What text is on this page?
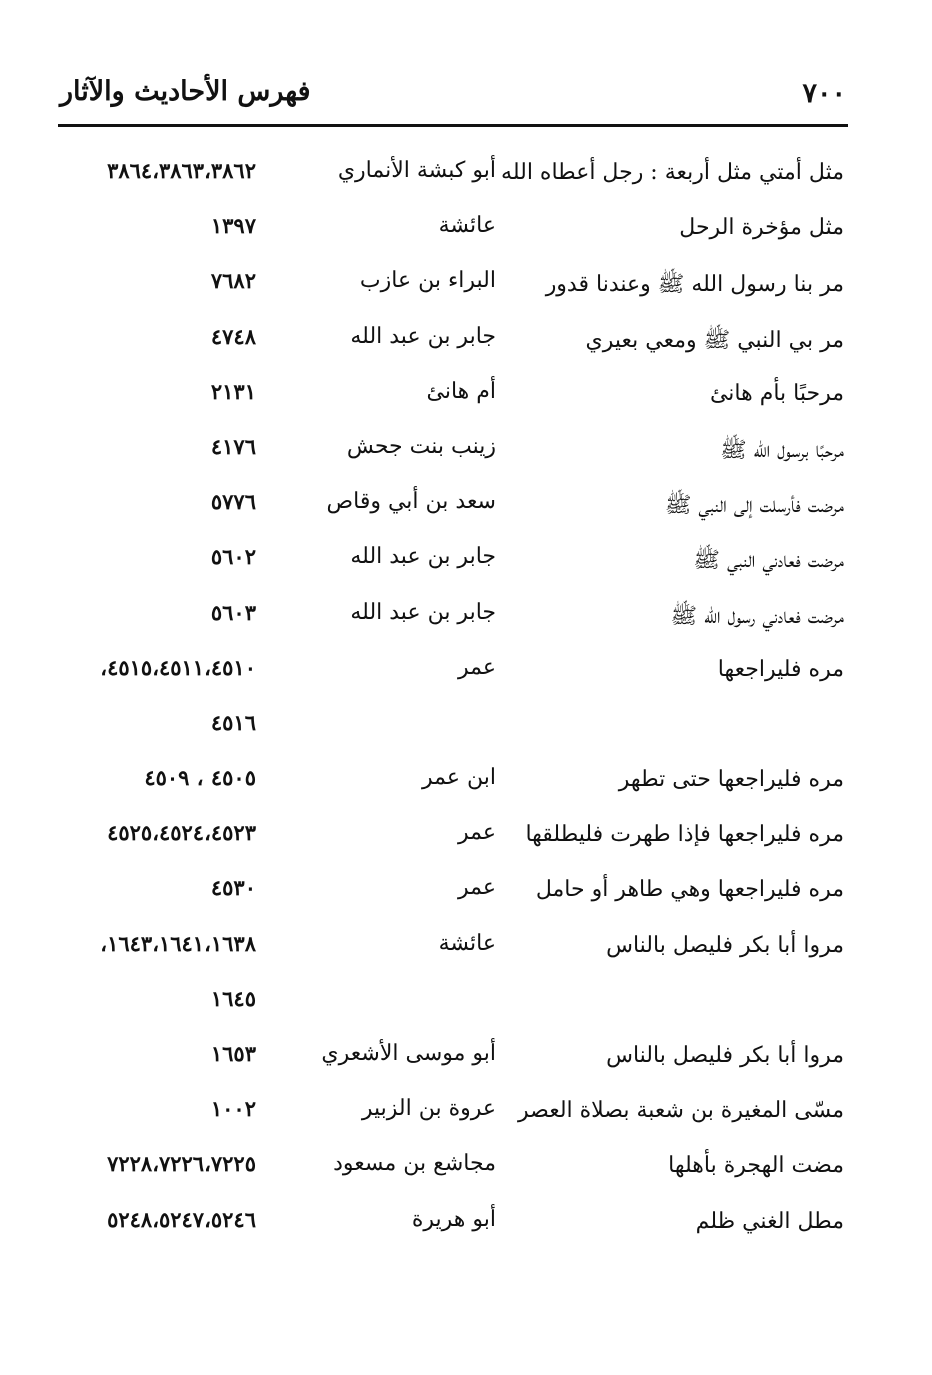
٧٠٠
فهرس الأحاديث والآثار
مثل أمتي مثل أربعة : رجل أعطاه الله
أبو كبشة الأنماري
٣٨٦٤،٣٨٦٣،٣٨٦٢
مثل مؤخرة الرحل
عائشة
١٣٩٧
مر بنا رسول الله ﷺ وعندنا قدور
البراء بن عازب
٧٦٨٢
مر بي النبي ﷺ ومعي بعيري
جابر بن عبد الله
٤٧٤٨
مرحبًا بأم هانئ
أم هانئ
٢١٣١
مرحبًا برسول الله ﷺ
زينب بنت جحش
٤١٧٦
مرضت فأرسلت إلى النبي ﷺ
سعد بن أبي وقاص
٥٧٧٦
مرضت فعادني النبي ﷺ
جابر بن عبد الله
٥٦٠٢
مرضت فعادني رسول الله ﷺ
جابر بن عبد الله
٥٦٠٣
مره فليراجعها
عمر
٤٥١٥،٤٥١١،٤٥١٠،
٤٥١٦
مره فليراجعها حتى تطهر
ابن عمر
٤٥٠٥ ، ٤٥٠٩
مره فليراجعها فإذا طهرت فليطلقها
عمر
٤٥٢٥،٤٥٢٤،٤٥٢٣
مره فليراجعها وهي طاهر أو حامل
عمر
٤٥٣٠
مروا أبا بكر فليصل بالناس
عائشة
١٦٤٣،١٦٤١،١٦٣٨،
١٦٤٥
مروا أبا بكر فليصل بالناس
أبو موسى الأشعري
١٦٥٣
مسّى المغيرة بن شعبة بصلاة العصر
عروة بن الزبير
١٠٠٢
مضت الهجرة بأهلها
مجاشع بن مسعود
٧٢٢٨،٧٢٢٦،٧٢٢٥
مطل الغني ظلم
أبو هريرة
٥٢٤٨،٥٢٤٧،٥٢٤٦
